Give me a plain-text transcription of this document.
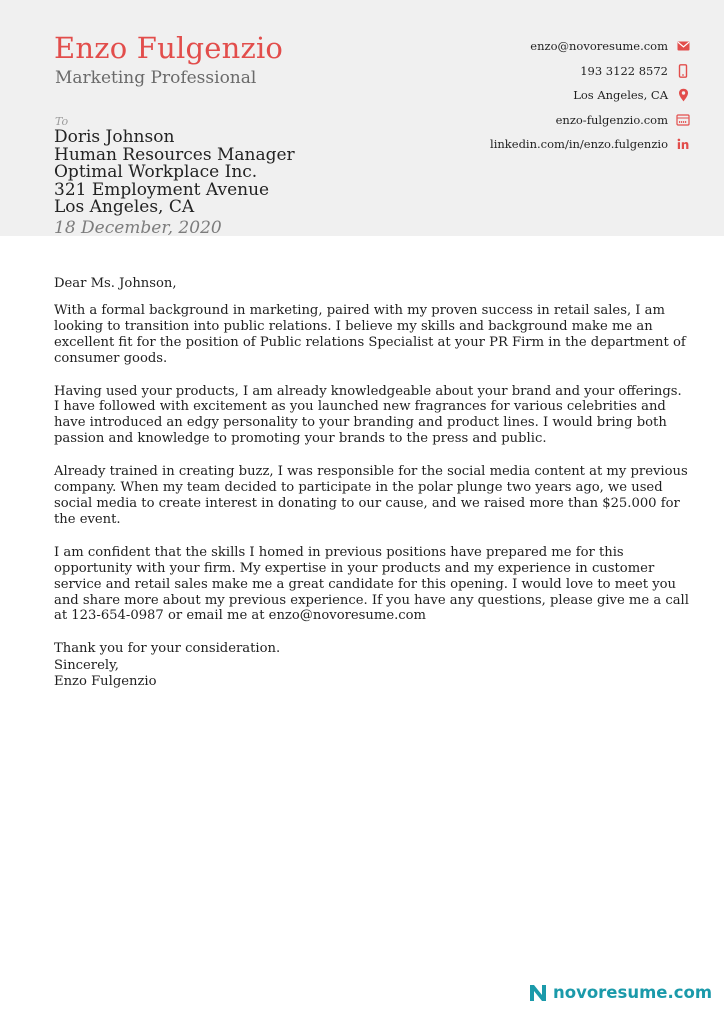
Enzo Fulgenzio
Marketing Professional
enzo@novoresume.com
193 3122 8572
Los Angeles, CA
enzo-fulgenzio.com
linkedin.com/in/enzo.fulgenzio
To
Doris Johnson
Human Resources Manager
Optimal Workplace Inc.
321 Employment Avenue
Los Angeles, CA
18 December, 2020

Dear Ms. Johnson,

With a formal background in marketing, paired with my proven success in retail sales, I am looking to transition into public relations. I believe my skills and background make me an excellent fit for the position of Public relations Specialist at your PR Firm in the department of consumer goods.

Having used your products, I am already knowledgeable about your brand and your offerings. I have followed with excitement as you launched new fragrances for various celebrities and have introduced an edgy personality to your branding and product lines. I would bring both passion and knowledge to promoting your brands to the press and public.

Already trained in creating buzz, I was responsible for the social media content at my previous company. When my team decided to participate in the polar plunge two years ago, we used social media to create interest in donating to our cause, and we raised more than $25.000 for the event.

I am confident that the skills I homed in previous positions have prepared me for this opportunity with your firm. My expertise in your products and my experience in customer service and retail sales make me a great candidate for this opening. I would love to meet you and share more about my previous experience. If you have any questions, please give me a call at 123-654-0987 or email me at enzo@novoresume.com

Thank you for your consideration.

Sincerely,
Enzo Fulgenzio
novoresume.com
